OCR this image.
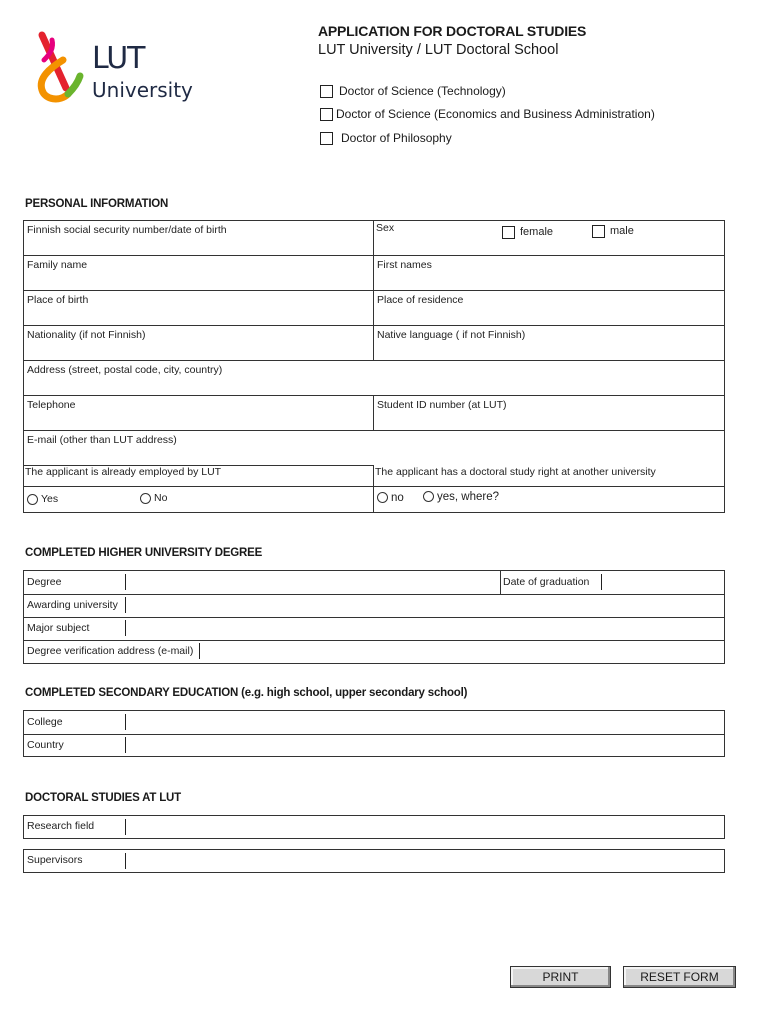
LUT
University
APPLICATION FOR DOCTORAL STUDIES
LUT University / LUT Doctoral School
Doctor of Science (Technology)
Doctor of Science (Economics and Business Administration)
Doctor of Philosophy
PERSONAL INFORMATION
Finnish social security number/date of birth	Sex	female	male
Family name	First names
Place of birth	Place of residence
Nationality (if not Finnish)	Native language ( if not Finnish)
Address (street, postal code, city, country)
Telephone	Student ID number (at LUT)
E-mail (other than LUT address)
The applicant is already employed by LUT
Yes	No
The applicant has a doctoral study right at another university
no	yes, where?
COMPLETED HIGHER UNIVERSITY DEGREE
Degree	Date of graduation
Awarding university
Major subject
Degree verification address (e-mail)
COMPLETED SECONDARY EDUCATION (e.g. high school, upper secondary school)
College
Country
DOCTORAL STUDIES AT LUT
Research field
Supervisors
PRINT	RESET FORM
